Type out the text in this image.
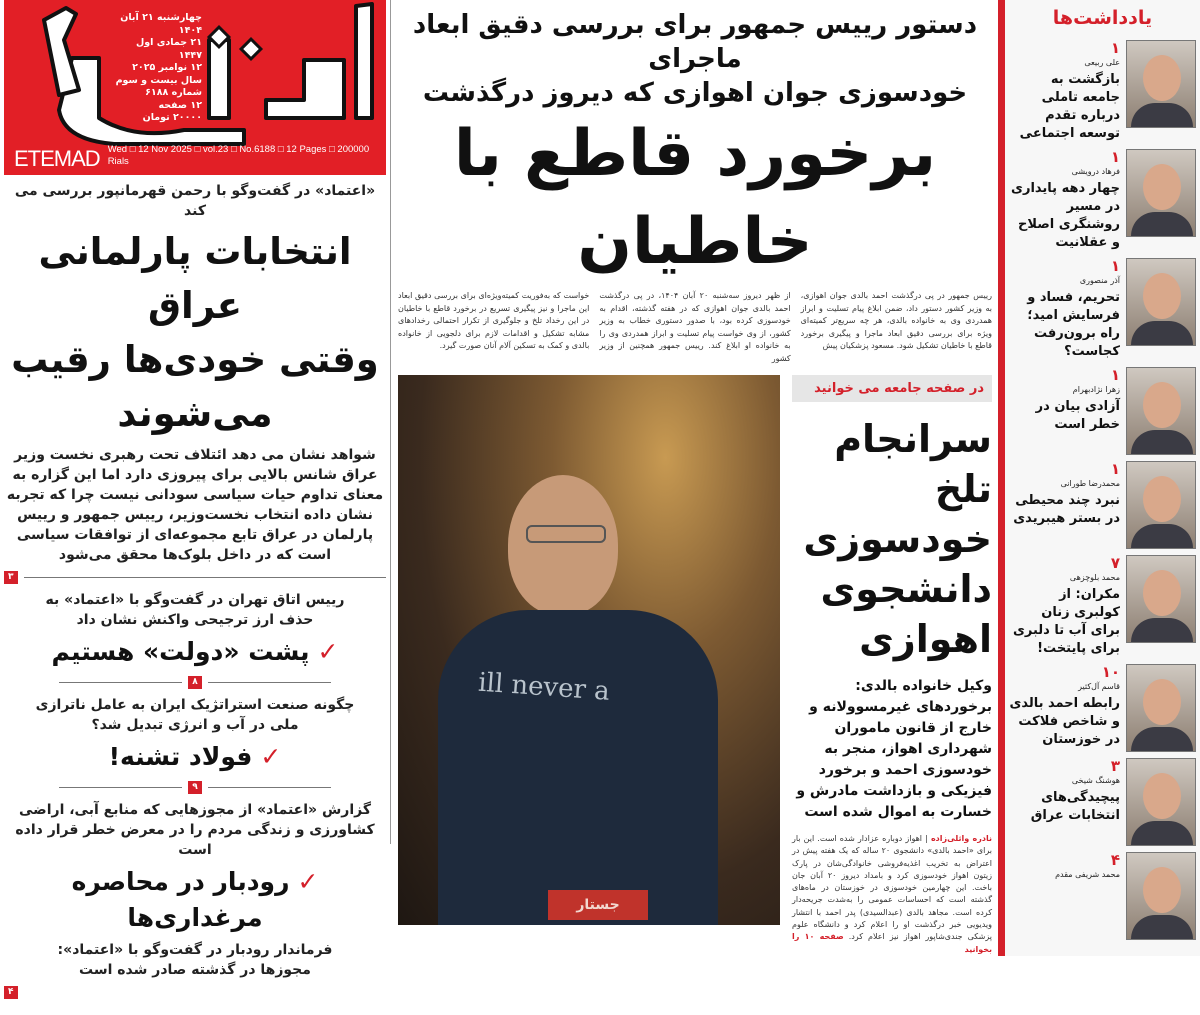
چهارشنبه ۲۱ آبان ۱۴۰۴
۲۱ جمادی اول ۱۴۴۷
۱۲ نوامبر ۲۰۲۵
سال بیست و سوم
شماره ۶۱۸۸
۱۲ صفحه
۲۰۰۰۰ تومان
ETEMAD Wed □ 12 Nov 2025 □ vol.23 □ No.6188 □ 12 Pages □ 200000 Rials
«اعتماد» در گفت‌وگو با رحمن قهرمانپور بررسی می کند
انتخابات پارلمانی عراق
وقتی خودی‌ها رقیب می‌شوند
شواهد نشان می دهد ائتلاف تحت رهبری نخست وزیر عراق شانس بالایی برای پیروزی دارد اما این گزاره به معنای تداوم حیات سیاسی سودانی نیست چرا که تجربه نشان داده انتخاب نخست‌وزیر، رییس جمهور و رییس پارلمان در عراق تابع مجموعه‌ای از توافقات سیاسی است که در داخل بلوک‌ها محقق می‌شود
۳
رییس اتاق تهران در گفت‌وگو با «اعتماد» به حذف ارز ترجیحی واکنش نشان داد
✓پشت «دولت» هستیم
۸
چگونه صنعت استراتژیک ایران به عامل ناترازی ملی در آب و انرژی تبدیل شد؟
✓فولاد تشنه!
۹
گزارش «اعتماد» از مجوزهایی که منابع آبی، اراضی کشاورزی و زندگی مردم را در معرض خطر قرار داده است
✓رودبار در محاصره مرغداری‌ها
فرماندار رودبار در گفت‌وگو با «اعتماد»: مجوزها در گذشته صادر شده است
۴
دستور رییس جمهور برای بررسی دقیق ابعاد ماجرای
خودسوزی جوان اهوازی که دیروز درگذشت
برخورد قاطع با خاطیان
رییس جمهور در پی درگذشت احمد بالدی جوان اهوازی، به وزیر کشور دستور داد، ضمن ابلاغ پیام تسلیت و ابراز همدردی وی به خانواده بالدی، هر چه سریع‌تر کمیته‌ای ویژه برای بررسی دقیق ابعاد ماجرا و پیگیری برخورد قاطع با خاطیان تشکیل شود. مسعود پزشکیان پیش
از ظهر دیروز سه‌شنبه ۲۰ آبان ۱۴۰۴، در پی درگذشت احمد بالدی جوان اهوازی که در هفته گذشته، اقدام به خودسوزی کرده بود، با صدور دستوری خطاب به وزیر کشور، از وی خواست پیام تسلیت و ابراز همدردی وی را به خانواده او ابلاغ کند. رییس جمهور همچنین از وزیر کشور
خواست که به‌فوریت کمیته‌ویژه‌ای برای بررسی دقیق ابعاد این ماجرا و نیز پیگیری تسریع در برخورد قاطع با خاطیان در این رخداد تلخ و جلوگیری از تکرار احتمالی رخدادهای مشابه تشکیل و اقدامات لازم برای دلجویی از خانواده بالدی و کمک به تسکین آلام آنان صورت گیرد.
در صفحه جامعه می خوانید
سرانجام تلخ
خودسوزی
دانشجوی
اهوازی
وکیل خانواده بالدی: برخوردهای غیرمسوولانه و خارج از قانون ماموران شهرداری اهواز، منجر به خودسوزی احمد و برخورد فیزیکی و بازداشت مادرش و خسارت به اموال شده است
نادره واثلی‌زاده | اهواز دوباره عزادار شده است. این بار برای «احمد بالدی» دانشجوی ۲۰ ساله که یک هفته پیش در اعتراض به تخریب اغذیه‌فروشی خانوادگی‌شان در پارک زیتون اهواز خودسوزی کرد و بامداد دیروز ۲۰ آبان جان باخت. این چهارمین خودسوزی در خوزستان در ماه‌های گذشته است که احساسات عمومی را به‌شدت جریحه‌دار کرده است. مجاهد بالدی (عبدالسیدی) پدر احمد با انتشار ویدیویی خبر درگذشت او را اعلام کرد و دانشگاه علوم پزشکی جندی‌شاپور اهواز نیز اعلام کرد. صفحه ۱۰ را بخوانید
ill never a
جستار
یادداشت‌ها
۱
علی ربیعی
بازگشت به جامعه تاملی درباره تقدم توسعه اجتماعی
۱
فرهاد درویشی
چهار دهه پایداری در مسیر روشنگری اصلاح و عقلانیت
۱
آذر منصوری
تحریم، فساد و فرسایش امید؛ راه برون‌رفت کجاست؟
۱
زهرا نژادبهرام
آزادی بیان در خطر است
۱
محمدرضا طورانی
نبرد چند محیطی در بستر هیبریدی
۷
محمد بلوچزهی
مکران: از کولبری زنان برای آب تا دلبری برای پایتخت!
۱۰
قاسم آل‌کثیر
رابطه احمد بالدی و شاخص فلاکت در خوزستان
۳
هوشنگ شیخی
پیچیدگی‌های انتخابات عراق
۴
محمد شریفی مقدم
